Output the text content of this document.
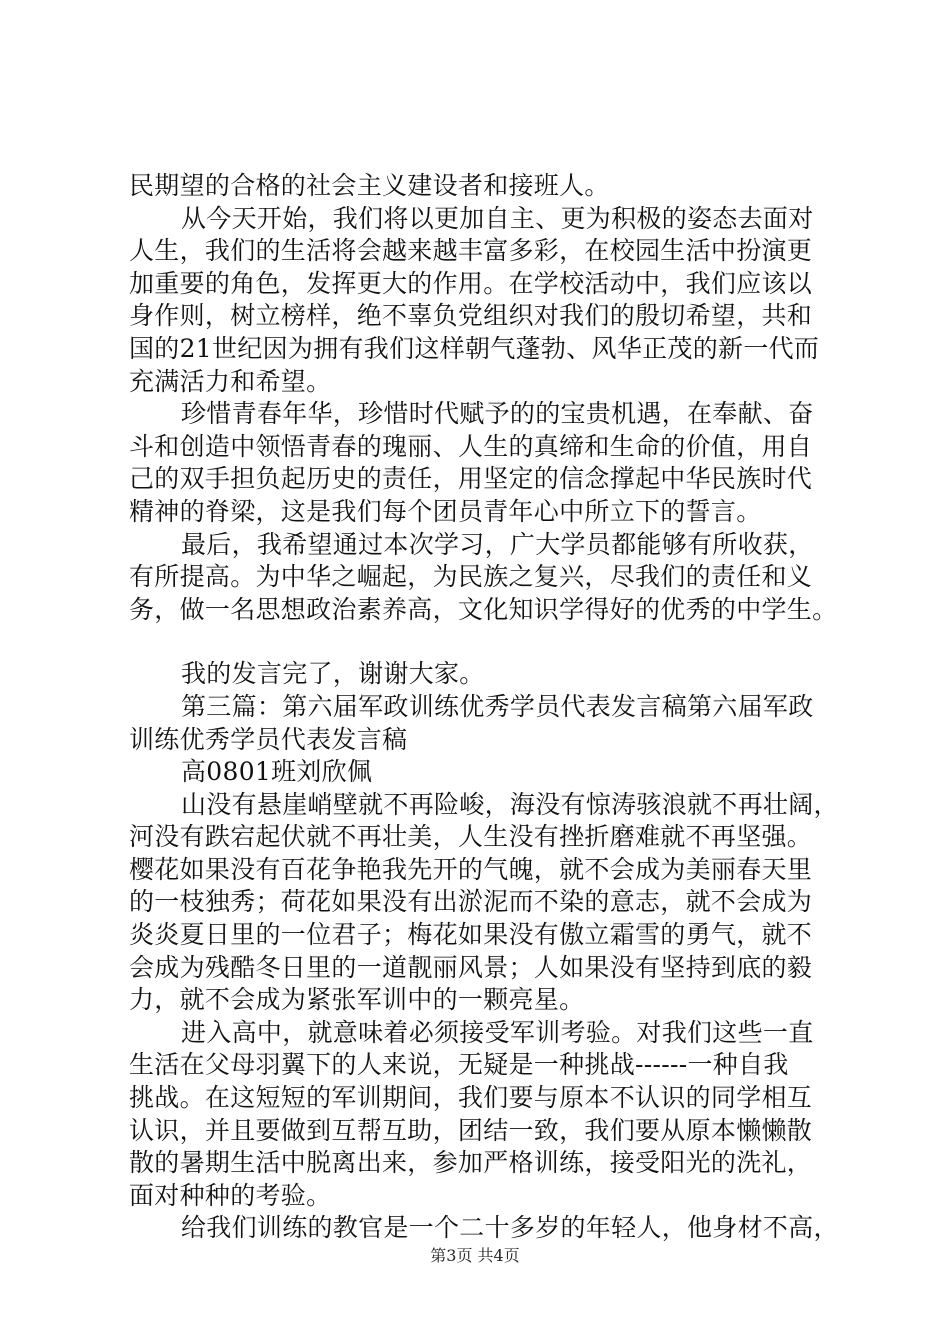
民期望的合格的社会主义建设者和接班人。
从今天开始，我们将以更加自主、更为积极的姿态去面对
人生，我们的生活将会越来越丰富多彩，在校园生活中扮演更
加重要的角色，发挥更大的作用。在学校活动中，我们应该以
身作则，树立榜样，绝不辜负党组织对我们的殷切希望，共和
国的21世纪因为拥有我们这样朝气蓬勃、风华正茂的新一代而
充满活力和希望。
珍惜青春年华，珍惜时代赋予的的宝贵机遇，在奉献、奋
斗和创造中领悟青春的瑰丽、人生的真缔和生命的价值，用自
己的双手担负起历史的责任，用坚定的信念撑起中华民族时代
精神的脊梁，这是我们每个团员青年心中所立下的誓言。
最后，我希望通过本次学习，广大学员都能够有所收获，
有所提高。为中华之崛起，为民族之复兴，尽我们的责任和义
务，做一名思想政治素养高，文化知识学得好的优秀的中学生。
我的发言完了，谢谢大家。
第三篇：第六届军政训练优秀学员代表发言稿第六届军政
训练优秀学员代表发言稿
高0801班刘欣佩
山没有悬崖峭壁就不再险峻，海没有惊涛骇浪就不再壮阔，
河没有跌宕起伏就不再壮美，人生没有挫折磨难就不再坚强。
樱花如果没有百花争艳我先开的气魄，就不会成为美丽春天里
的一枝独秀；荷花如果没有出淤泥而不染的意志，就不会成为
炎炎夏日里的一位君子；梅花如果没有傲立霜雪的勇气，就不
会成为残酷冬日里的一道靓丽风景；人如果没有坚持到底的毅
力，就不会成为紧张军训中的一颗亮星。
进入高中，就意味着必须接受军训考验。对我们这些一直
生活在父母羽翼下的人来说，无疑是一种挑战------一种自我
挑战。在这短短的军训期间，我们要与原本不认识的同学相互
认识，并且要做到互帮互助，团结一致，我们要从原本懒懒散
散的暑期生活中脱离出来，参加严格训练，接受阳光的洗礼，
面对种种的考验。
给我们训练的教官是一个二十多岁的年轻人，他身材不高，
第3页 共4页
